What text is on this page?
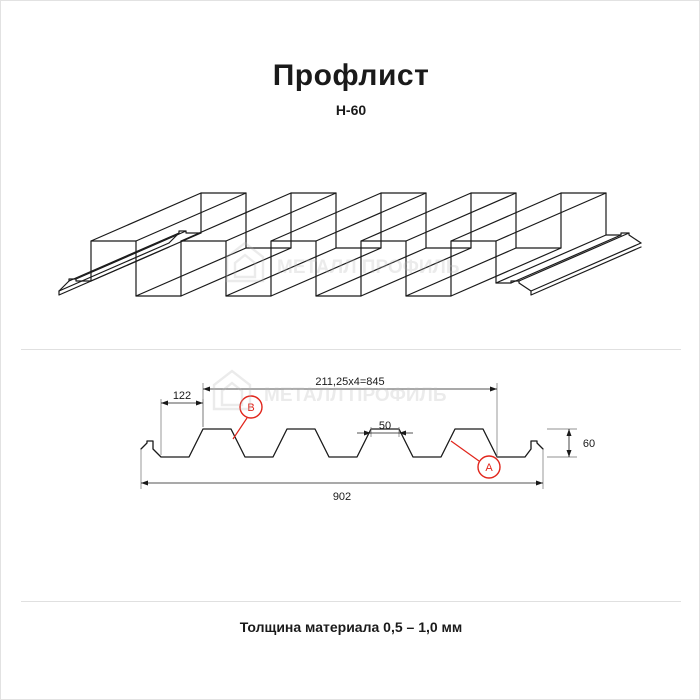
Профлист
Н-60
МЕТАЛЛ ПРОФИЛЬ
122
211,25x4=845
50
60
902
A
B
МЕТАЛЛ ПРОФИЛЬ
Толщина материала 0,5 – 1,0 мм
